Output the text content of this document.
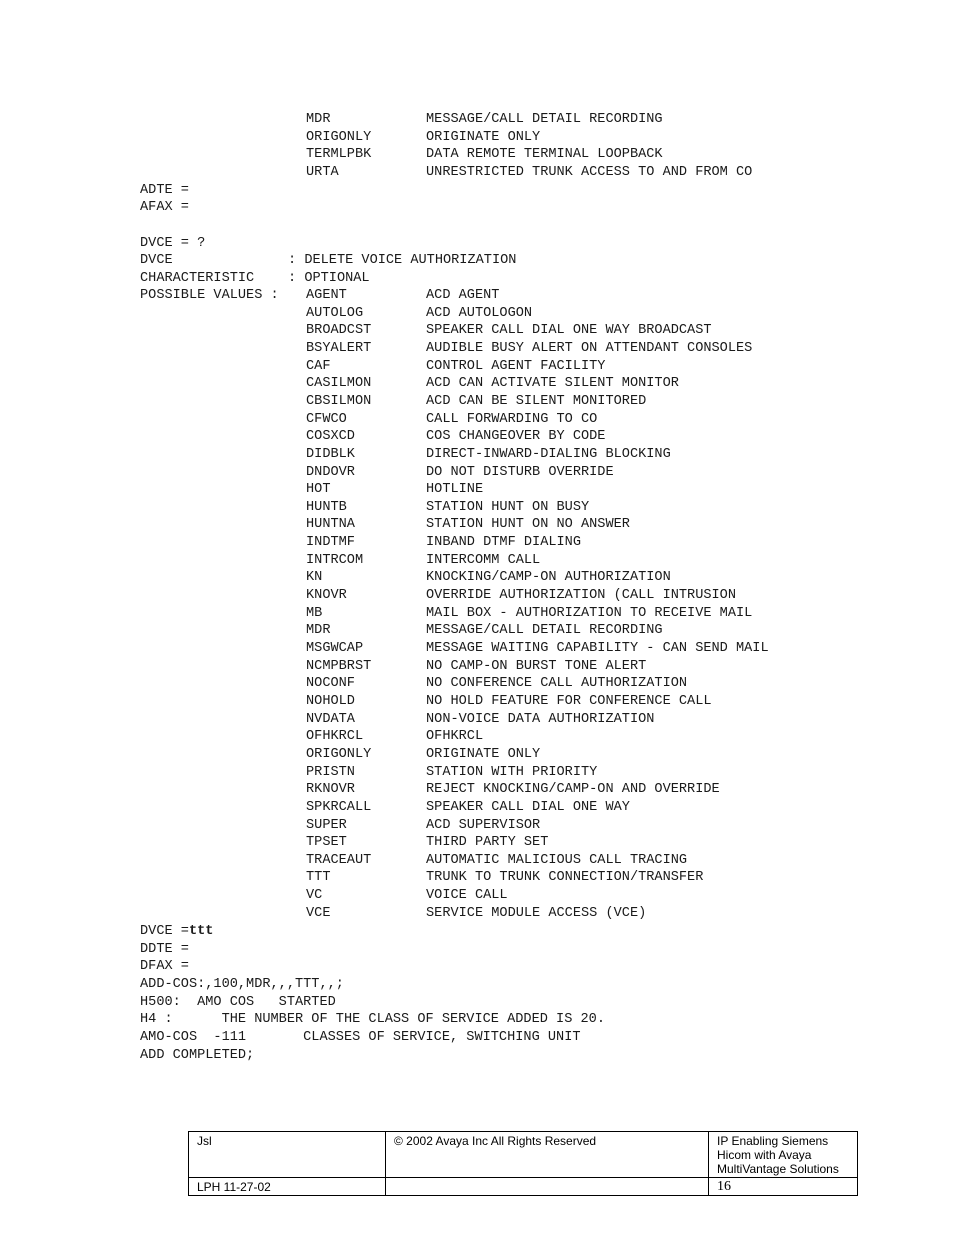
MDR	MESSAGE/CALL DETAIL RECORDING
ORIGONLY	ORIGINATE ONLY
TERMLPBK	DATA REMOTE TERMINAL LOOPBACK
URTA	UNRESTRICTED TRUNK ACCESS TO AND FROM CO

ADTE =

AFAX =

DVCE = ?

DVCE

	: DELETE VOICE AUTHORIZATION

CHARACTERISTIC

: OPTIONAL

POSSIBLE VALUES :

AGENT	ACD AGENT
AUTOLOG	ACD AUTOLOGON
BROADCST	SPEAKER CALL DIAL ONE WAY BROADCAST
BSYALERT	AUDIBLE BUSY ALERT ON ATTENDANT CONSOLES
CAF	CONTROL AGENT FACILITY
CASILMON	ACD CAN ACTIVATE SILENT MONITOR
CBSILMON	ACD CAN BE SILENT MONITORED
CFWCO	CALL FORWARDING TO CO
COSXCD	COS CHANGEOVER BY CODE
DIDBLK	DIRECT-INWARD-DIALING BLOCKING
DNDOVR	DO NOT DISTURB OVERRIDE
HOT	HOTLINE
HUNTB	STATION HUNT ON BUSY
HUNTNA	STATION HUNT ON NO ANSWER
INDTMF	INBAND DTMF DIALING
INTRCOM	INTERCOMM CALL
KN	KNOCKING/CAMP-ON AUTHORIZATION
KNOVR	OVERRIDE AUTHORIZATION (CALL INTRUSION
MB	MAIL BOX - AUTHORIZATION TO RECEIVE MAIL
MDR	MESSAGE/CALL DETAIL RECORDING
MSGWCAP	MESSAGE WAITING CAPABILITY - CAN SEND MAIL
NCMPBRST	NO CAMP-ON BURST TONE ALERT
NOCONF	NO CONFERENCE CALL AUTHORIZATION
NOHOLD	NO HOLD FEATURE FOR CONFERENCE CALL
NVDATA	NON-VOICE DATA AUTHORIZATION
OFHKRCL	OFHKRCL
ORIGONLY	ORIGINATE ONLY
PRISTN	STATION WITH PRIORITY
RKNOVR	REJECT KNOCKING/CAMP-ON AND OVERRIDE
SPKRCALL	SPEAKER CALL DIAL ONE WAY
SUPER	ACD SUPERVISOR
TPSET	THIRD PARTY SET
TRACEAUT	AUTOMATIC MALICIOUS CALL TRACING
TTT	TRUNK TO TRUNK CONNECTION/TRANSFER
VC	VOICE CALL
VCE	SERVICE MODULE ACCESS (VCE)

DVCE =ttt

DDTE =

DFAX =

ADD-COS:,100,MDR,,,TTT,,;

H500:  AMO COS   STARTED

H4 :      THE NUMBER OF THE CLASS OF SERVICE ADDED IS 20.

AMO-COS  -111       CLASSES OF SERVICE, SWITCHING UNIT

ADD COMPLETED;

Jsl	© 2002 Avaya Inc All Rights Reserved	IP Enabling Siemens
Hicom with Avaya
MultiVantage Solutions

LPH 11-27-02		16
